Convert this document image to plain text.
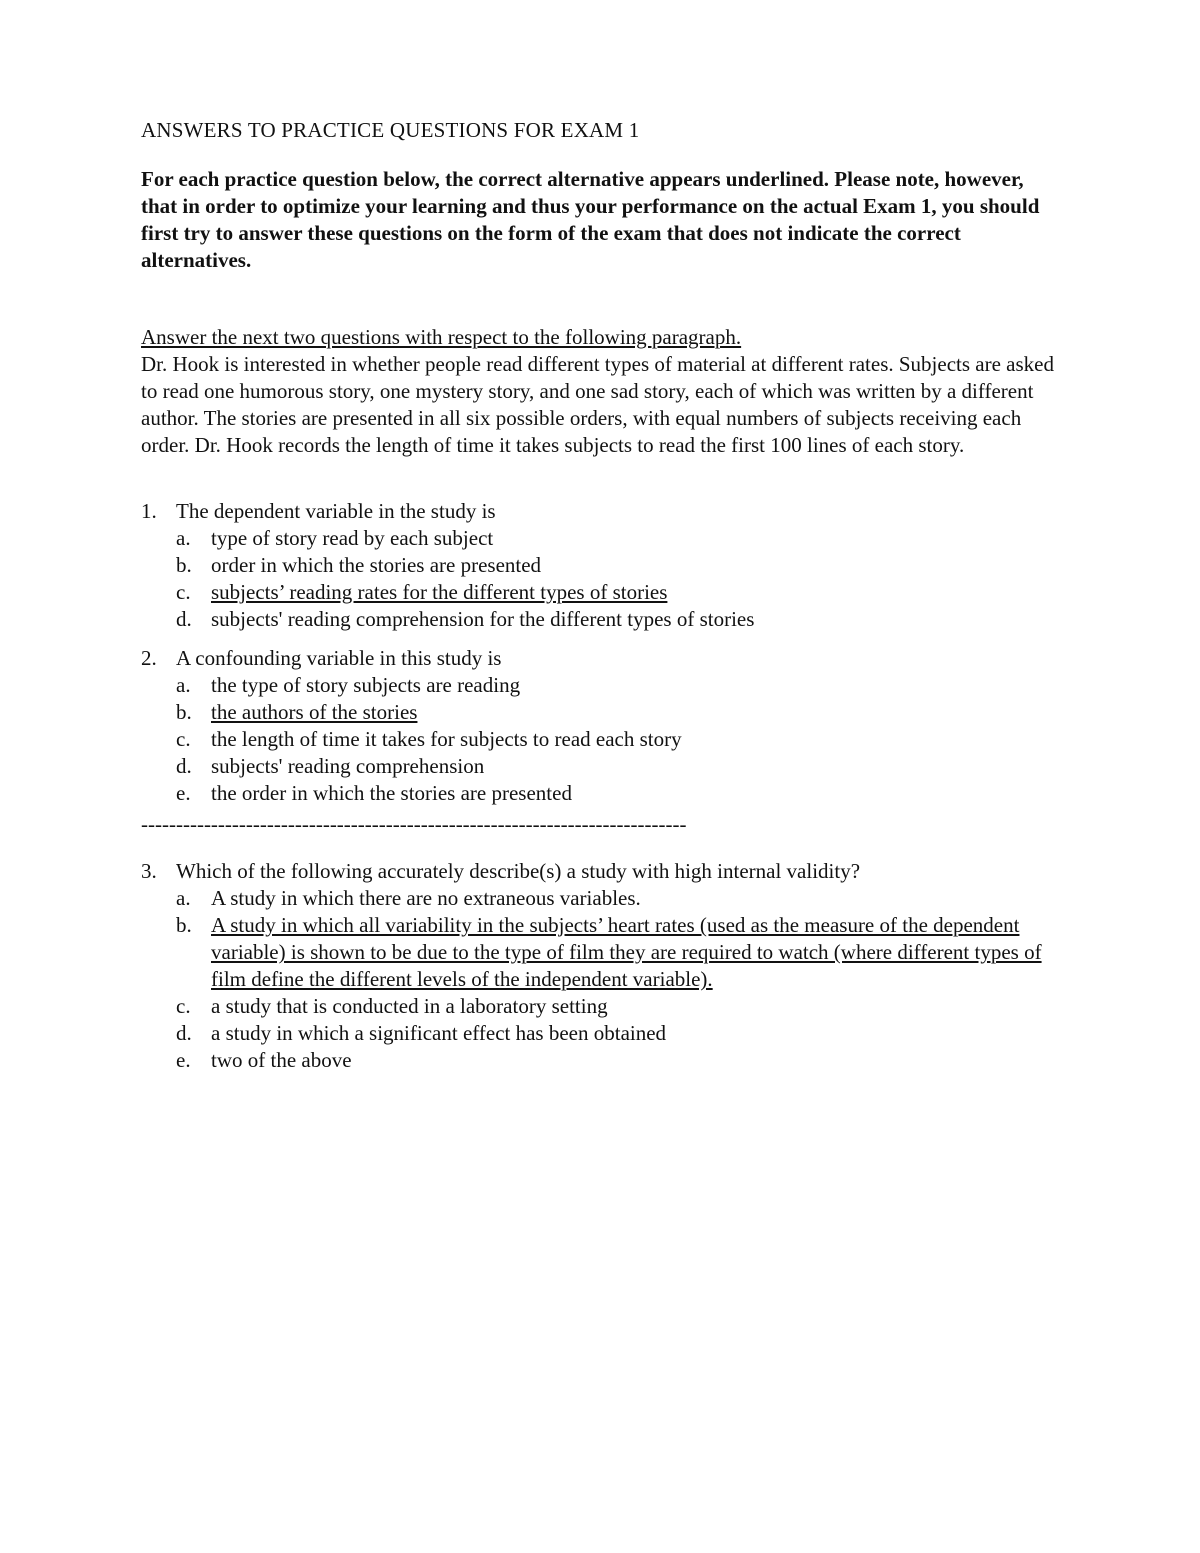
ANSWERS TO PRACTICE QUESTIONS FOR EXAM 1
For each practice question below, the correct alternative appears underlined. Please note, however, that in order to optimize your learning and thus your performance on the actual Exam 1, you should first try to answer these questions on the form of the exam that does not indicate the correct alternatives.
Answer the next two questions with respect to the following paragraph.
Dr. Hook is interested in whether people read different types of material at different rates. Subjects are asked to read one humorous story, one mystery story, and one sad story, each of which was written by a different author. The stories are presented in all six possible orders, with equal numbers of subjects receiving each order. Dr. Hook records the length of time it takes subjects to read the first 100 lines of each story.
1. The dependent variable in the study is
a. type of story read by each subject
b. order in which the stories are presented
c. subjects’ reading rates for the different types of stories
d. subjects' reading comprehension for the different types of stories
2. A confounding variable in this study is
a. the type of story subjects are reading
b. the authors of the stories
c. the length of time it takes for subjects to read each story
d. subjects' reading comprehension
e. the order in which the stories are presented
------------------------------------------------------------------------------
3. Which of the following accurately describe(s) a study with high internal validity?
a. A study in which there are no extraneous variables.
b. A study in which all variability in the subjects’ heart rates (used as the measure of the dependent variable) is shown to be due to the type of film they are required to watch (where different types of film define the different levels of the independent variable).
c. a study that is conducted in a laboratory setting
d. a study in which a significant effect has been obtained
e. two of the above
